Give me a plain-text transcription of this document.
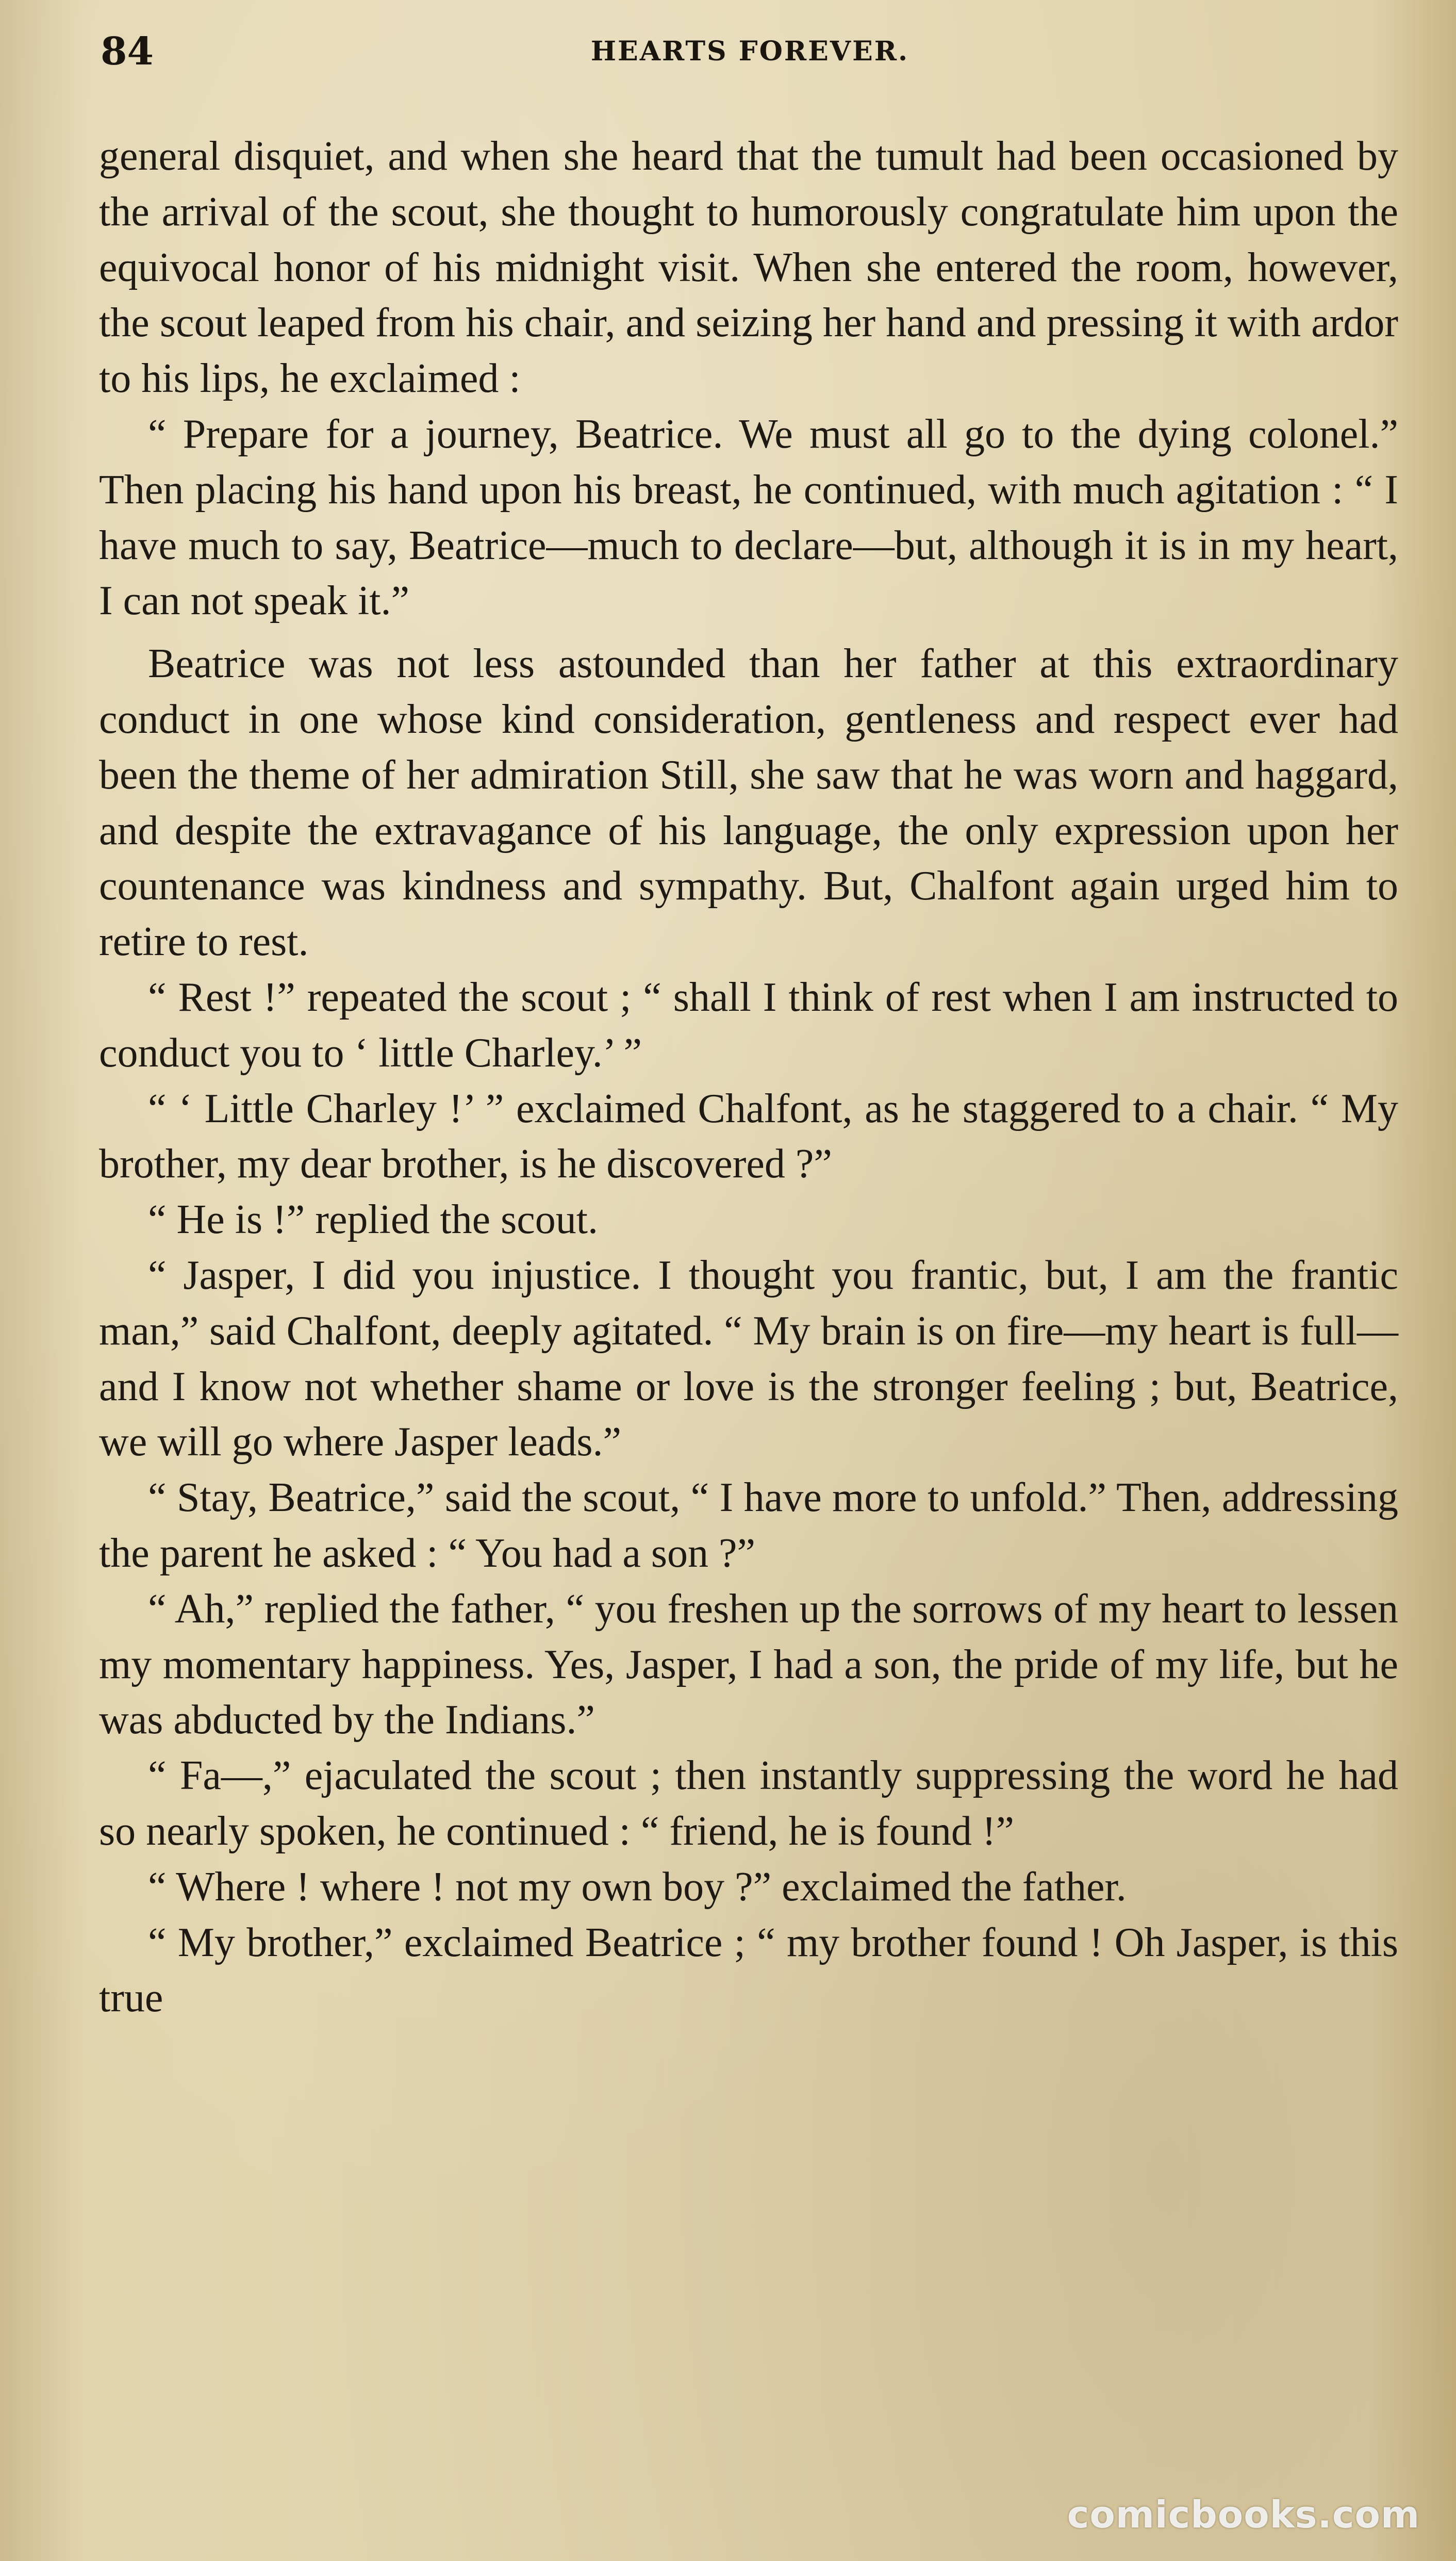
84	HEARTS FOREVER.

general disquiet, and when she heard that the tumult had been occasioned by the arrival of the scout, she thought to humorously congratulate him upon the equivocal honor of his midnight visit. When she entered the room, however, the scout leaped from his chair, and seizing her hand and pressing it with ardor to his lips, he exclaimed :

“ Prepare for a journey, Beatrice. We must all go to the dying colonel.” Then placing his hand upon his breast, he continued, with much agitation : “ I have much to say, Beatrice—much to declare—but, although it is in my heart, I can not speak it.”

Beatrice was not less astounded than her father at this extraordinary conduct in one whose kind consideration, gentleness and respect ever had been the theme of her admiration Still, she saw that he was worn and haggard, and despite the extravagance of his language, the only expression upon her countenance was kindness and sympathy. But, Chalfont again urged him to retire to rest.

“ Rest !” repeated the scout ; “ shall I think of rest when I am instructed to conduct you to ‘ little Charley.’ ”

“ ‘ Little Charley !’ ” exclaimed Chalfont, as he staggered to a chair. “ My brother, my dear brother, is he discovered ?”

“ He is !” replied the scout.

“ Jasper, I did you injustice. I thought you frantic, but, I am the frantic man,” said Chalfont, deeply agitated. “ My brain is on fire—my heart is full—and I know not whether shame or love is the stronger feeling ; but, Beatrice, we will go where Jasper leads.”

“ Stay, Beatrice,” said the scout, “ I have more to unfold.” Then, addressing the parent he asked : “ You had a son ?”

“ Ah,” replied the father, “ you freshen up the sorrows of my heart to lessen my momentary happiness. Yes, Jasper, I had a son, the pride of my life, but he was abducted by the Indians.”

“ Fa—,” ejaculated the scout ; then instantly suppressing the word he had so nearly spoken, he continued : “ friend, he is found !”

“ Where ! where ! not my own boy ?” exclaimed the father.

“ My brother,” exclaimed Beatrice ; “ my brother found ! Oh Jasper, is this true

comicbooks.com
